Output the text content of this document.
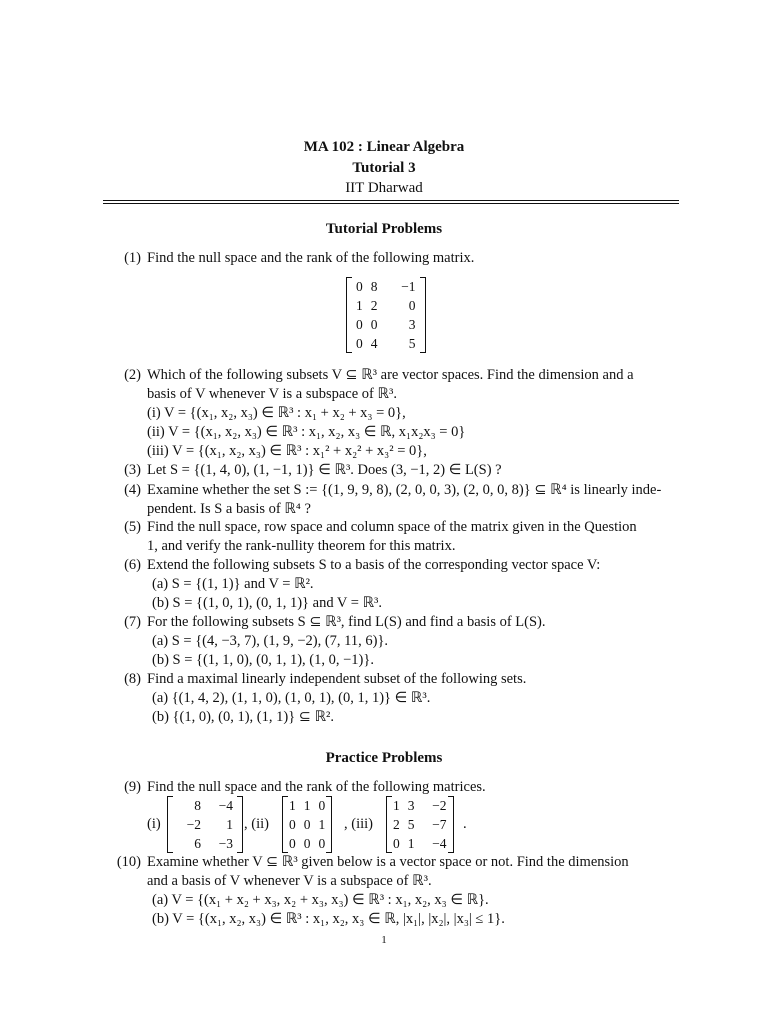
MA 102 : Linear Algebra
Tutorial 3
IIT Dharwad
Tutorial Problems
(1) Find the null space and the rank of the following matrix.
0	8	−1
1	2	0
0	0	3
0	4	5
(2) Which of the following subsets V ⊆ ℝ³ are vector spaces. Find the dimension and a
basis of V whenever V is a subspace of ℝ³.
(i) V = {(x₁, x₂, x₃) ∈ ℝ³ : x₁ + x₂ + x₃ = 0},
(ii) V = {(x₁, x₂, x₃) ∈ ℝ³ : x₁, x₂, x₃ ∈ ℝ, x₁x₂x₃ = 0}
(iii) V = {(x₁, x₂, x₃) ∈ ℝ³ : x₁² + x₂² + x₃² = 0},
(3) Let S = {(1, 4, 0), (1, −1, 1)} ∈ ℝ³. Does (3, −1, 2) ∈ L(S) ?
(4) Examine whether the set S := {(1, 9, 9, 8), (2, 0, 0, 3), (2, 0, 0, 8)} ⊆ ℝ⁴ is linearly inde-
pendent. Is S a basis of ℝ⁴ ?
(5) Find the null space, row space and column space of the matrix given in the Question
1, and verify the rank-nullity theorem for this matrix.
(6) Extend the following subsets S to a basis of the corresponding vector space V:
(a) S = {(1, 1)} and V = ℝ².
(b) S = {(1, 0, 1), (0, 1, 1)} and V = ℝ³.
(7) For the following subsets S ⊆ ℝ³, find L(S) and find a basis of L(S).
(a) S = {(4, −3, 7), (1, 9, −2), (7, 11, 6)}.
(b) S = {(1, 1, 0), (0, 1, 1), (1, 0, −1)}.
(8) Find a maximal linearly independent subset of the following sets.
(a) {(1, 4, 2), (1, 1, 0), (1, 0, 1), (0, 1, 1)} ∈ ℝ³.
(b) {(1, 0), (0, 1), (1, 1)} ⊆ ℝ².
Practice Problems
(9) Find the null space and the rank of the following matrices.
(i)
8	−4
−2	1
6	−3
, (ii)
1	1	0
0	0	1
0	0	0
, (iii)
1	3	−2
2	5	−7
0	1	−4
.
(10) Examine whether V ⊆ ℝ³ given below is a vector space or not. Find the dimension
and a basis of V whenever V is a subspace of ℝ³.
(a) V = {(x₁ + x₂ + x₃, x₂ + x₃, x₃) ∈ ℝ³ : x₁, x₂, x₃ ∈ ℝ}.
(b) V = {(x₁, x₂, x₃) ∈ ℝ³ : x₁, x₂, x₃ ∈ ℝ, |x₁|, |x₂|, |x₃| ≤ 1}.
1
